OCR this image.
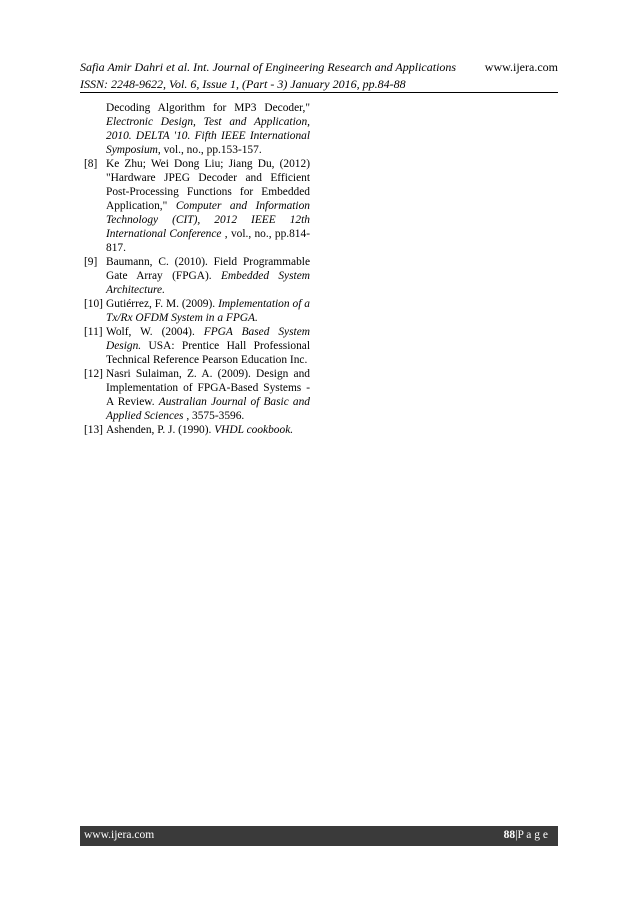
Safia Amir Dahri et al. Int. Journal of Engineering Research and Applications	www.ijera.com
ISSN: 2248-9622, Vol. 6, Issue 1, (Part - 3) January 2016, pp.84-88
Decoding Algorithm for MP3 Decoder," Electronic Design, Test and Application, 2010. DELTA '10. Fifth IEEE International Symposium, vol., no., pp.153-157.
[8] Ke Zhu; Wei Dong Liu; Jiang Du, (2012) "Hardware JPEG Decoder and Efficient Post-Processing Functions for Embedded Application," Computer and Information Technology (CIT), 2012 IEEE 12th International Conference , vol., no., pp.814-817.
[9] Baumann, C. (2010). Field Programmable Gate Array (FPGA). Embedded System Architecture.
[10] Gutiérrez, F. M. (2009). Implementation of a Tx/Rx OFDM System in a FPGA.
[11] Wolf, W. (2004). FPGA Based System Design. USA: Prentice Hall Professional Technical Reference Pearson Education Inc.
[12] Nasri Sulaiman, Z. A. (2009). Design and Implementation of FPGA-Based Systems - A Review. Australian Journal of Basic and Applied Sciences , 3575-3596.
[13] Ashenden, P. J. (1990). VHDL cookbook.
www.ijera.com	88|P a g e
